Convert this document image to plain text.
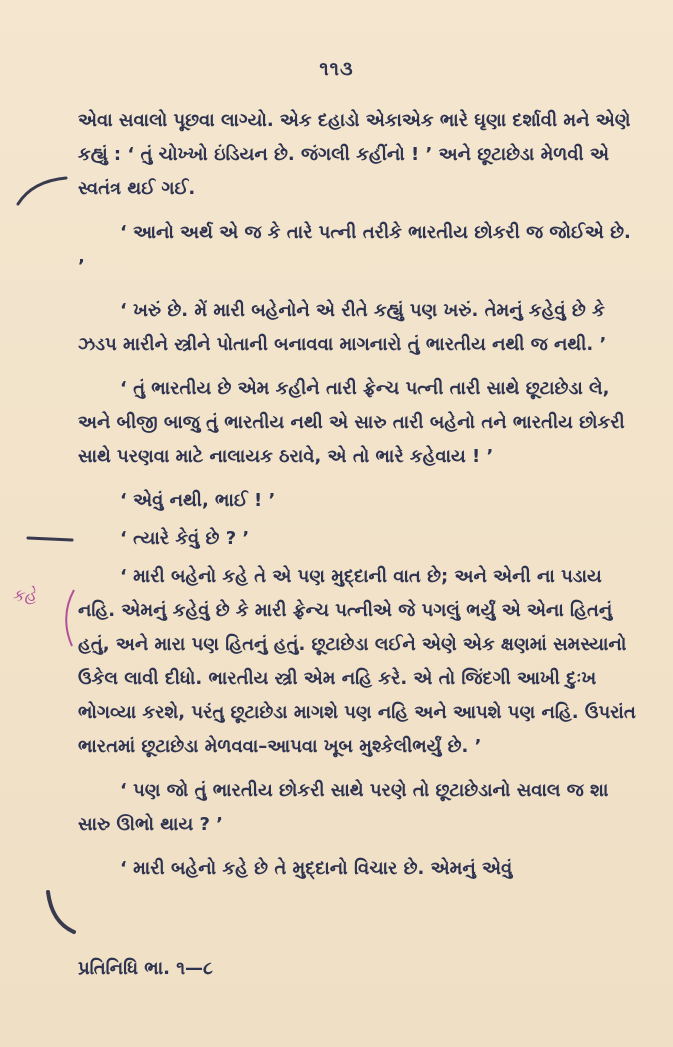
૧૧૩
કહે

એવા સવાલો પૂછવા લાગ્યો. એક દહાડો એકાએક ભારે ઘૃણા દર્શાવી મને એણે કહ્યું : ‘ તું ચોખ્ખો ઇંડિયન છે. જંગલી કહીંનો ! ’ અને છૂટાછેડા મેળવી એ સ્વતંત્ર થઈ ગઈ.

‘ આનો અર્થ એ જ કે તારે પત્ની તરીકે ભારતીય છોકરી જ જોઈએ છે. ’

‘ ખરું છે. મેં મારી બહેનોને એ રીતે કહ્યું પણ ખરું. તેમનું કહેવું છે કે ઝડપ મારીને સ્ત્રીને પોતાની બનાવવા માગનારો તું ભારતીય નથી જ નથી. ’

‘ તું ભારતીય છે એમ કહીને તારી ફ્રેન્ચ પત્ની તારી સાથે છૂટાછેડા લે, અને બીજી બાજુ તું ભારતીય નથી એ સારુ તારી બહેનો તને ભારતીય છોકરી સાથે પરણવા માટે નાલાયક ઠરાવે, એ તો ભારે કહેવાય ! ’

‘ એવું નથી, ભાઈ ! ’

‘ ત્યારે કેવું છે ? ’

‘ મારી બહેનો કહે તે એ પણ મુદ્દાની વાત છે; અને એની ના પડાય નહિ. એમનું કહેવું છે કે મારી ફ્રેન્ચ પત્નીએ જે પગલું ભર્યું એ એના હિતનું હતું, અને મારા પણ હિતનું હતું. છૂટાછેડા લઈને એણે એક ક્ષણમાં સમસ્યાનો ઉકેલ લાવી દીધો. ભારતીય સ્ત્રી એમ નહિ કરે. એ તો જિંદગી આખી દુઃખ ભોગવ્યા કરશે, પરંતુ છૂટાછેડા માગશે પણ નહિ અને આપશે પણ નહિ. ઉપરાંત ભારતમાં છૂટાછેડા મેળવવા–આપવા ખૂબ મુશ્કેલીભર્યું છે. ’

‘ પણ જો તું ભારતીય છોકરી સાથે પરણે તો છૂટાછેડાનો સવાલ જ શા સારુ ઊભો થાય ? ’

‘ મારી બહેનો કહે છે તે મુદ્દાનો વિચાર છે. એમનું એવું

પ્રતિનિધિ ભા. ૧—૮
